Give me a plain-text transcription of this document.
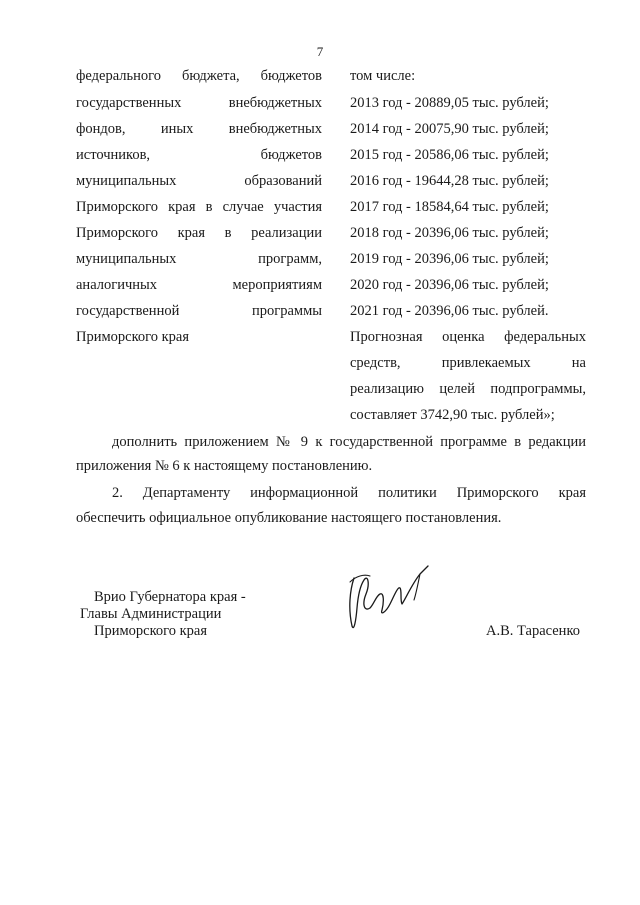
7
федерального бюджета, бюджетов
государственных внебюджетных
фондов, иных внебюджетных
источников, бюджетов
муниципальных образований
Приморского края в случае участия
Приморского края в реализации
муниципальных программ,
аналогичных мероприятиям
государственной программы
Приморского края
том числе:
2013 год - 20889,05 тыс. рублей;
2014 год - 20075,90 тыс. рублей;
2015 год - 20586,06 тыс. рублей;
2016 год - 19644,28 тыс. рублей;
2017 год - 18584,64 тыс. рублей;
2018 год - 20396,06 тыс. рублей;
2019 год - 20396,06 тыс. рублей;
2020 год - 20396,06 тыс. рублей;
2021 год - 20396,06 тыс. рублей.
Прогнозная оценка федеральных
средств, привлекаемых на
реализацию целей подпрограммы,
составляет 3742,90 тыс. рублей»;
дополнить приложением № 9 к государственной программе в редакции
приложения № 6 к настоящему постановлению.
2. Департаменту информационной политики Приморского края
обеспечить официальное опубликование настоящего постановления.
Врио Губернатора края -
Главы Администрации
Приморского края	А.В. Тарасенко
